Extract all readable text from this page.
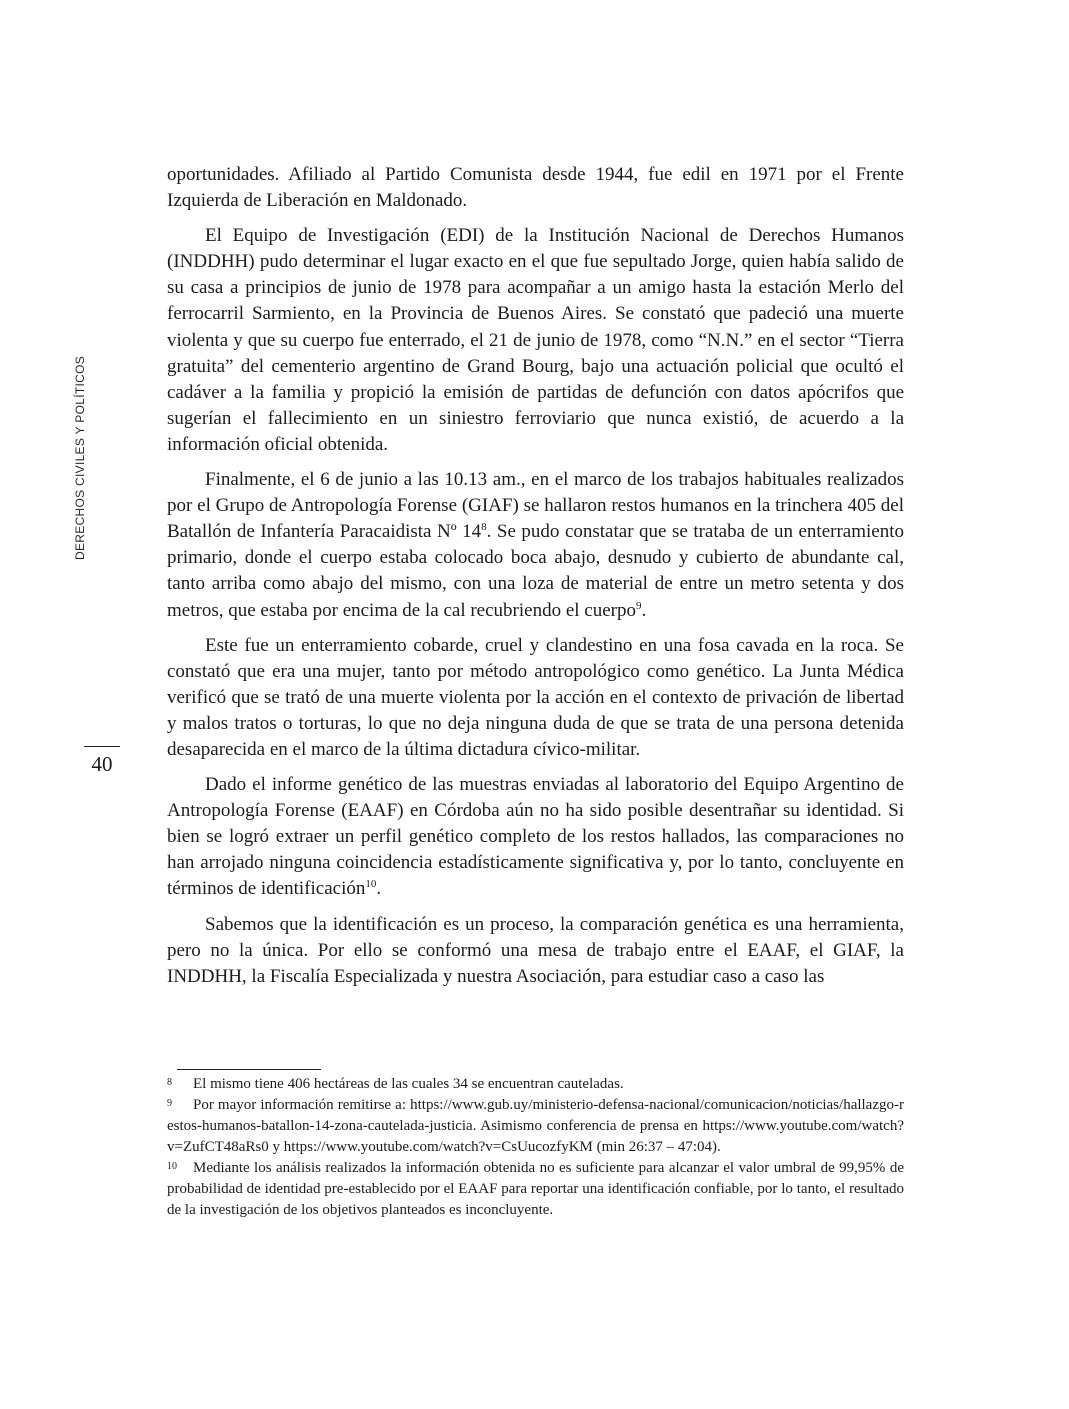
DERECHOS CIVILES Y POLÍTICOS
40

oportunidades. Afiliado al Partido Comunista desde 1944, fue edil en 1971 por el Frente Izquierda de Liberación en Maldonado.

El Equipo de Investigación (EDI) de la Institución Nacional de Derechos Humanos (INDDHH) pudo determinar el lugar exacto en el que fue sepultado Jorge, quien había salido de su casa a principios de junio de 1978 para acompañar a un amigo hasta la estación Merlo del ferrocarril Sarmiento, en la Provincia de Buenos Aires. Se constató que padeció una muerte violenta y que su cuerpo fue enterrado, el 21 de junio de 1978, como “N.N.” en el sector “Tierra gratuita” del cementerio argentino de Grand Bourg, bajo una actuación policial que ocultó el cadáver a la familia y propició la emisión de partidas de defunción con datos apócrifos que sugerían el fallecimiento en un siniestro ferroviario que nunca existió, de acuerdo a la información oficial obtenida.

Finalmente, el 6 de junio a las 10.13 am., en el marco de los trabajos habituales realizados por el Grupo de Antropología Forense (GIAF) se hallaron restos humanos en la trinchera 405 del Batallón de Infantería Paracaidista Nº $14^8$. Se pudo constatar que se trataba de un enterramiento primario, donde el cuerpo estaba colocado boca abajo, desnudo y cubierto de abundante cal, tanto arriba como abajo del mismo, con una loza de material de entre un metro setenta y dos metros, que estaba por encima de la cal recubriendo el cuerpo$^9$.

Este fue un enterramiento cobarde, cruel y clandestino en una fosa cavada en la roca. Se constató que era una mujer, tanto por método antropológico como genético. La Junta Médica verificó que se trató de una muerte violenta por la acción en el contexto de privación de libertad y malos tratos o torturas, lo que no deja ninguna duda de que se trata de una persona detenida desaparecida en el marco de la última dictadura cívico-militar.

Dado el informe genético de las muestras enviadas al laboratorio del Equipo Argentino de Antropología Forense (EAAF) en Córdoba aún no ha sido posible desentrañar su identidad. Si bien se logró extraer un perfil genético completo de los restos hallados, las comparaciones no han arrojado ninguna coincidencia estadísticamente significativa y, por lo tanto, concluyente en términos de identificación$^{10}$.

Sabemos que la identificación es un proceso, la comparación genética es una herramienta, pero no la única. Por ello se conformó una mesa de trabajo entre el EAAF, el GIAF, la INDDHH, la Fiscalía Especializada y nuestra Asociación, para estudiar caso a caso las

8 El mismo tiene 406 hectáreas de las cuales 34 se encuentran cauteladas.

9 Por mayor información remitirse a: https://www.gub.uy/ministerio-defensa-nacional/comunicacion/noticias/hallazgo-restos-humanos-batallon-14-zona-cautelada-justicia. Asimismo conferencia de prensa en https://www.youtube.com/watch?v=ZufCT48aRs0 y https://www.youtube.com/watch?v=CsUucozfyKM (min 26:37 – 47:04).

10 Mediante los análisis realizados la información obtenida no es suficiente para alcanzar el valor umbral de 99,95% de probabilidad de identidad pre-establecido por el EAAF para reportar una identificación confiable, por lo tanto, el resultado de la investigación de los objetivos planteados es inconcluyente.
